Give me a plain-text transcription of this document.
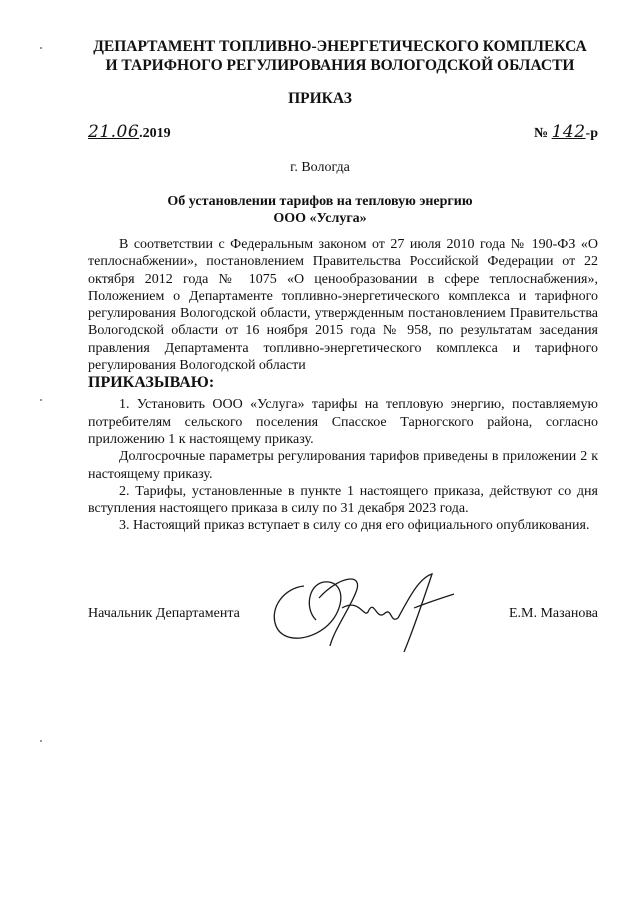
ДЕПАРТАМЕНТ ТОПЛИВНО-ЭНЕРГЕТИЧЕСКОГО КОМПЛЕКСА
И ТАРИФНОГО РЕГУЛИРОВАНИЯ ВОЛОГОДСКОЙ ОБЛАСТИ
ПРИКАЗ
21.06.2019	№ 142-р
г. Вологда
Об установлении тарифов на тепловую энергию
ООО «Услуга»

В соответствии с Федеральным законом от 27 июля 2010 года № 190-ФЗ «О теплоснабжении», постановлением Правительства Российской Федерации от 22 октября 2012 года № 1075 «О ценообразовании в сфере теплоснабжения», Положением о Департаменте топливно-энергетического комплекса и тарифного регулирования Вологодской области, утвержденным постановлением Правительства Вологодской области от 16 ноября 2015 года № 958, по результатам заседания правления Департамента топливно-энергетического комплекса и тарифного регулирования Вологодской области

ПРИКАЗЫВАЮ:

1. Установить ООО «Услуга» тарифы на тепловую энергию, поставляемую потребителям сельского поселения Спасское Тарногского района, согласно приложению 1 к настоящему приказу.

Долгосрочные параметры регулирования тарифов приведены в приложении 2 к настоящему приказу.

2. Тарифы, установленные в пункте 1 настоящего приказа, действуют со дня вступления настоящего приказа в силу по 31 декабря 2023 года.

3. Настоящий приказ вступает в силу со дня его официального опубликования.

Начальник Департамента	Е.М. Мазанова
